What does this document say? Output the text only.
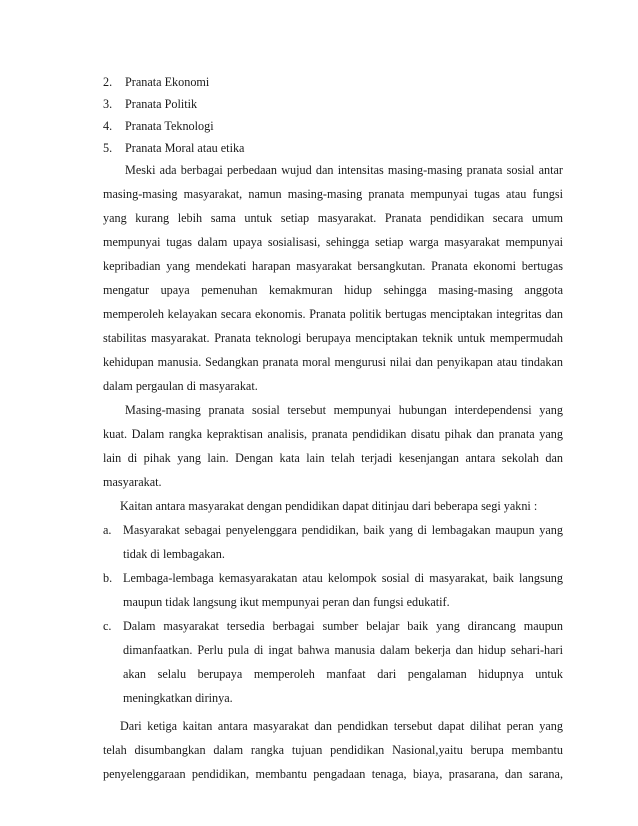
2.	Pranata Ekonomi
3.	Pranata Politik
4.	Pranata Teknologi
5.	Pranata Moral atau etika
Meski ada berbagai perbedaan wujud dan intensitas masing-masing pranata sosial antar
masing-masing masyarakat, namun masing-masing pranata mempunyai tugas atau fungsi
yang kurang lebih sama untuk setiap masyarakat. Pranata pendidikan secara umum
mempunyai tugas dalam upaya sosialisasi, sehingga setiap warga masyarakat mempunyai
kepribadian yang mendekati harapan masyarakat bersangkutan. Pranata ekonomi bertugas
mengatur upaya pemenuhan kemakmuran hidup sehingga masing-masing anggota
memperoleh kelayakan secara ekonomis. Pranata politik bertugas menciptakan integritas dan
stabilitas masyarakat. Pranata teknologi berupaya menciptakan teknik untuk mempermudah
kehidupan manusia. Sedangkan pranata moral mengurusi nilai dan penyikapan atau tindakan
dalam pergaulan di masyarakat.
Masing-masing pranata sosial tersebut mempunyai hubungan interdependensi yang
kuat. Dalam rangka kepraktisan analisis, pranata pendidikan disatu pihak dan pranata yang
lain di pihak yang lain. Dengan kata lain telah terjadi kesenjangan antara sekolah dan
masyarakat.
Kaitan antara masyarakat dengan pendidikan dapat ditinjau dari beberapa segi yakni :
a. Masyarakat sebagai penyelenggara pendidikan, baik yang di lembagakan maupun yang
tidak di lembagakan.
b. Lembaga-lembaga kemasyarakatan atau kelompok sosial di masyarakat, baik langsung
maupun tidak langsung ikut mempunyai peran dan fungsi edukatif.
c. Dalam masyarakat tersedia berbagai sumber belajar baik yang dirancang maupun
dimanfaatkan. Perlu pula di ingat bahwa manusia dalam bekerja dan hidup sehari-hari
akan selalu berupaya memperoleh manfaat dari pengalaman hidupnya untuk
meningkatkan dirinya.
Dari ketiga kaitan antara masyarakat dan pendidkan tersebut dapat dilihat peran yang
telah disumbangkan dalam rangka tujuan pendidikan Nasional,yaitu berupa membantu
penyelenggaraan pendidikan, membantu pengadaan tenaga, biaya, prasarana, dan sarana,
